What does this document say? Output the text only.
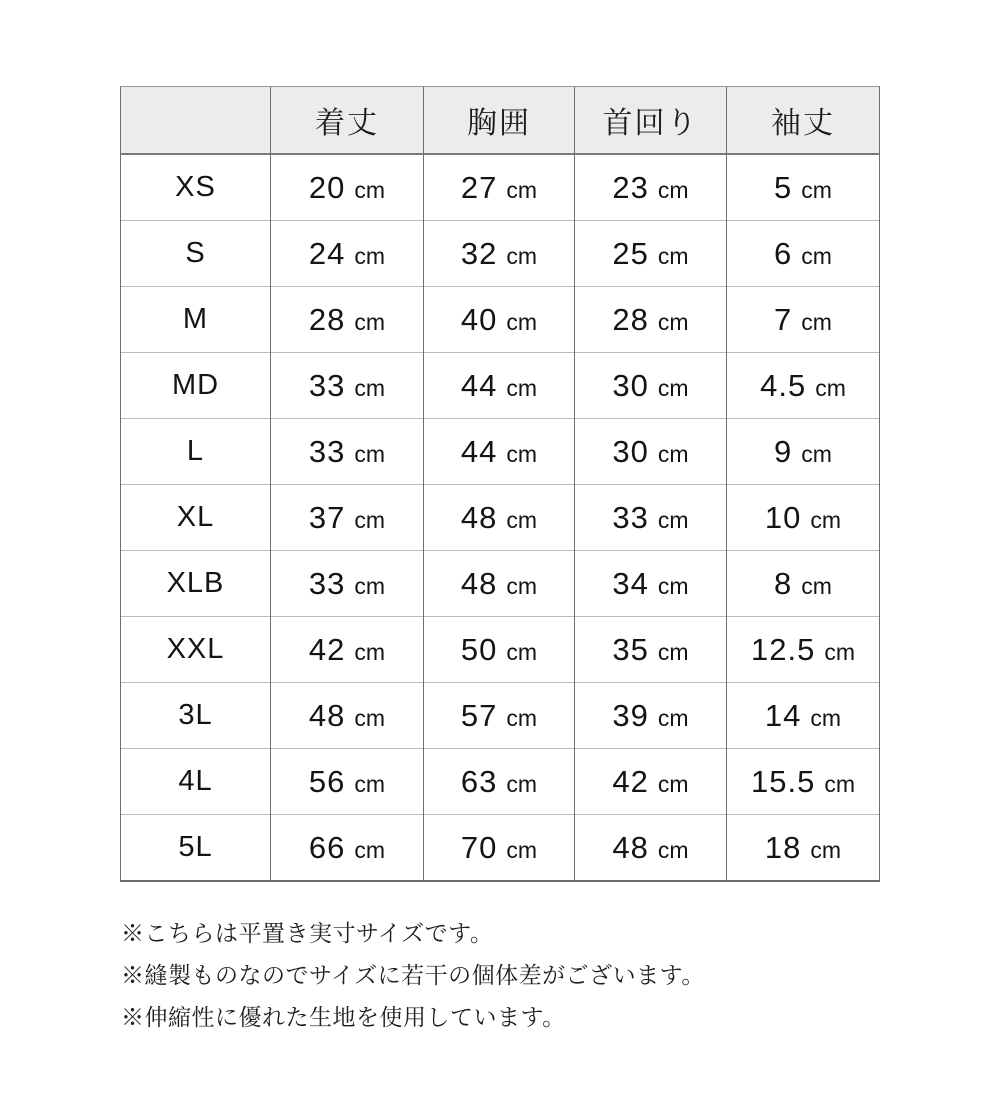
	着丈	胸囲	首回り	袖丈
XS	20 cm	27 cm	23 cm	5 cm
S	24 cm	32 cm	25 cm	6 cm
M	28 cm	40 cm	28 cm	7 cm
MD	33 cm	44 cm	30 cm	4.5 cm
L	33 cm	44 cm	30 cm	9 cm
XL	37 cm	48 cm	33 cm	10 cm
XLB	33 cm	48 cm	34 cm	8 cm
XXL	42 cm	50 cm	35 cm	12.5 cm
3L	48 cm	57 cm	39 cm	14 cm
4L	56 cm	63 cm	42 cm	15.5 cm
5L	66 cm	70 cm	48 cm	18 cm

※こちらは平置き実寸サイズです。

※縫製ものなのでサイズに若干の個体差がございます。

※伸縮性に優れた生地を使用しています。
